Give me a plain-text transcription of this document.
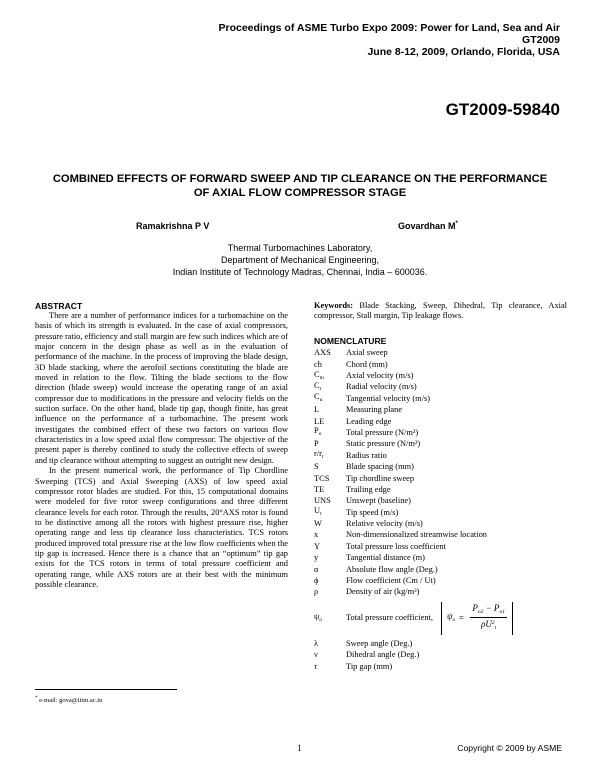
Proceedings of ASME Turbo Expo 2009: Power for Land, Sea and Air
GT2009
June 8-12, 2009, Orlando, Florida, USA
GT2009-59840
COMBINED EFFECTS OF FORWARD SWEEP AND TIP CLEARANCE ON THE PERFORMANCE
OF AXIAL FLOW COMPRESSOR STAGE
Ramakrishna P V	Govardhan M*
Thermal Turbomachines Laboratory,
Department of Mechanical Engineering,
Indian Institute of Technology Madras, Chennai, India – 600036.
ABSTRACT

There are a number of performance indices for a turbomachine on the basis of which its strength is evaluated. In the case of axial compressors, pressure ratio, efficiency and stall margin are few such indices which are of major concern in the design phase as well as in the evaluation of performance of the machine. In the process of improving the blade design, 3D blade stacking, where the aerofoil sections constituting the blade are moved in relation to the flow. Tilting the blade sections to the flow direction (blade sweep) would increase the operating range of an axial compressor due to modifications in the pressure and velocity fields on the suction surface. On the other hand, blade tip gap, though finite, has great influence on the performance of a turbomachine. The present work investigates the combined effect of these two factors on various flow characteristics in a low speed axial flow compressor. The objective of the present paper is thereby confined to study the collective effects of sweep and tip clearance without attempting to suggest an outright new design.

In the present numerical work, the performance of Tip Chordline Sweeping (TCS) and Axial Sweeping (AXS) of low speed axial compressor rotor blades are studied. For this, 15 computational domains were modeled for five rotor sweep configurations and three different clearance levels for each rotor. Through the results, 20°AXS rotor is found to be distinctive among all the rotors with highest pressure rise, higher operating range and less tip clearance loss characteristics. TCS rotors produced improved total pressure rise at the low flow coefficients when the tip gap is increased. Hence there is a chance that an “optimum” tip gap exists for the TCS rotors in terms of total pressure coefficient and operating range, while AXS rotors are at their best with the minimum possible clearance.

Keywords: Blade Stacking, Sweep, Dihedral, Tip clearance, Axial compressor, Stall margin, Tip leakage flows.

NOMENCLATURE
AXS	Axial sweep
ch	Chord (mm)
$C_m$	Axial velocity (m/s)
$C_r$	Radial velocity (m/s)
$C_u$	Tangential velocity (m/s)
L	Measuring plane
LE	Leading edge
$P_o$	Total pressure (N/m²)
P	Static pressure (N/m²)
$r/r_t$	Radius ratio
S	Blade spacing (mm)
TCS	Tip chordline sweep
TE	Trailing edge
UNS	Unswept (baseline)
$U_t$	Tip speed (m/s)
W	Relative velocity (m/s)
x	Non-dimensionalized streamwise location
Y	Total pressure loss coefficient
y	Tangential distance (m)
α	Absolute flow angle (Deg.)
ϕ	Flow coefficient (Cm / Ut)
ρ	Density of air (kg/m³)
$\psi_o$	Total pressure coefficient, $\psi_o = \frac{P_{o2} - P_{o1}}{\rho U^2_t}$
λ	Sweep angle (Deg.)
ν	Dihedral angle (Deg.)
τ	Tip gap (mm)
* e-mail: gova@iitm.ac.in
1	Copyright © 2009 by ASME
